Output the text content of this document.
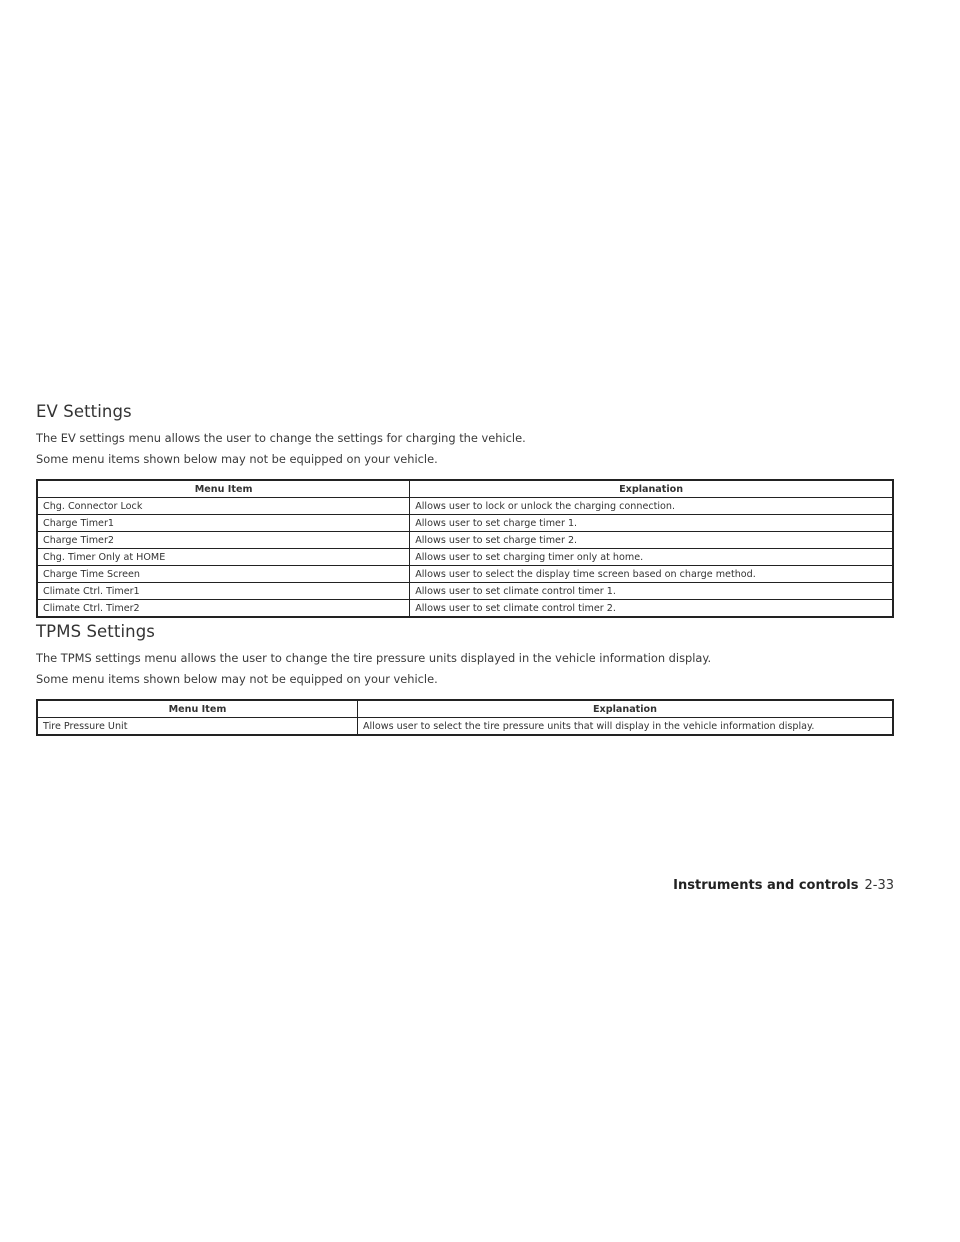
EV Settings

The EV settings menu allows the user to change the settings for charging the vehicle.

Some menu items shown below may not be equipped on your vehicle.

Menu Item	Explanation
Chg. Connector Lock	Allows user to lock or unlock the charging connection.
Charge Timer1	Allows user to set charge timer 1.
Charge Timer2	Allows user to set charge timer 2.
Chg. Timer Only at HOME	Allows user to set charging timer only at home.
Charge Time Screen	Allows user to select the display time screen based on charge method.
Climate Ctrl. Timer1	Allows user to set climate control timer 1.
Climate Ctrl. Timer2	Allows user to set climate control timer 2.
TPMS Settings

The TPMS settings menu allows the user to change the tire pressure units displayed in the vehicle information display.

Some menu items shown below may not be equipped on your vehicle.

Menu Item	Explanation
Tire Pressure Unit	Allows user to select the tire pressure units that will display in the vehicle information display.
Instruments and controls 2-33
